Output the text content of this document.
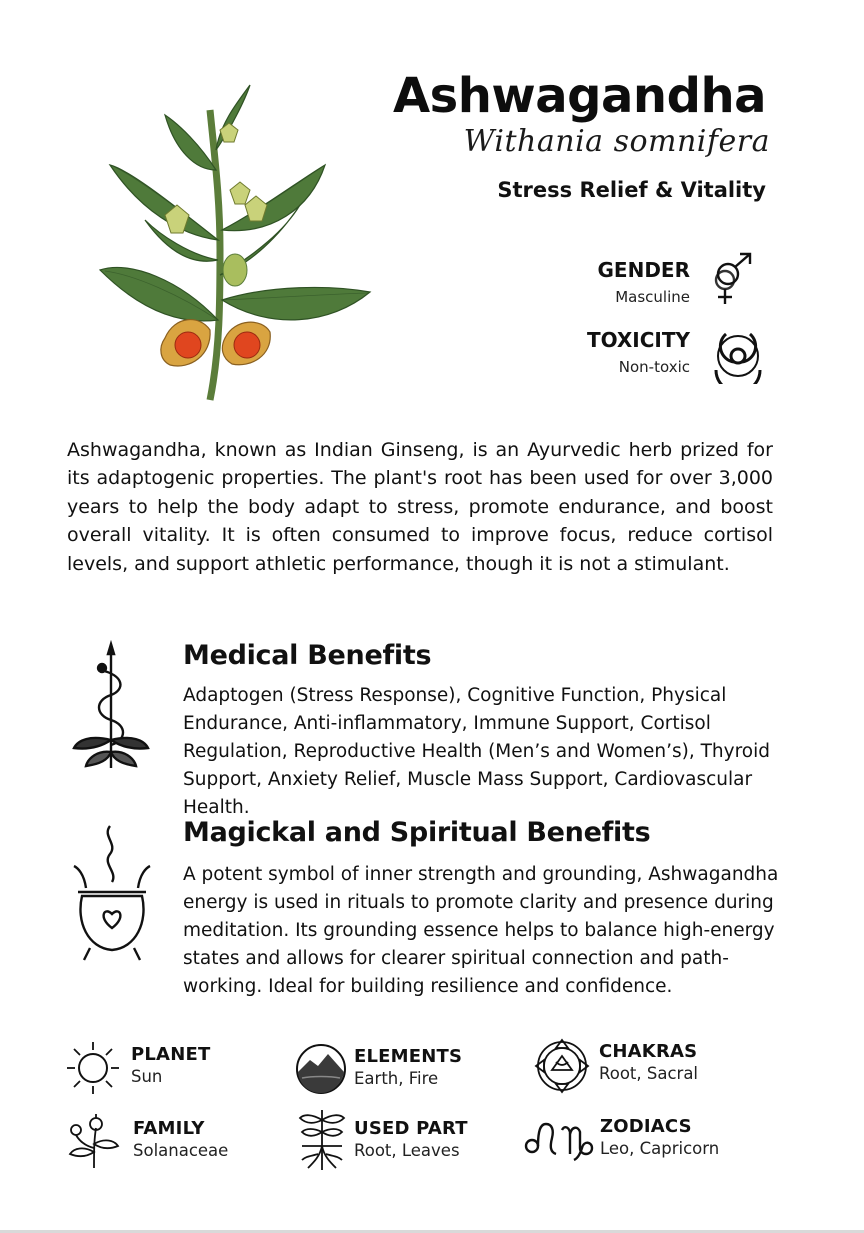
Ashwagandha
Withania somnifera
Stress Relief & Vitality
GENDER
Masculine
TOXICITY
Non-toxic

Ashwagandha, known as Indian Ginseng, is an Ayurvedic herb prized for its adaptogenic properties. The plant's root has been used for over 3,000 years to help the body adapt to stress, promote endurance, and boost overall vitality. It is often consumed to improve focus, reduce cortisol levels, and support athletic performance, though it is not a stimulant.

Medical Benefits

Adaptogen (Stress Response), Cognitive Function, Physical Endurance, Anti-inflammatory, Immune Support, Cortisol Regulation, Reproductive Health (Men’s and Women’s), Thyroid Support, Anxiety Relief, Muscle Mass Support, Cardiovascular Health.

Magickal and Spiritual Benefits

A potent symbol of inner strength and grounding, Ashwagandha energy is used in rituals to promote clarity and presence during meditation. Its grounding essence helps to balance high-energy states and allows for clearer spiritual connection and path-working. Ideal for building resilience and confidence.

PLANET
Sun
ELEMENTS
Earth, Fire
CHAKRAS
Root, Sacral
FAMILY
Solanaceae
USED PART
Root, Leaves
ZODIACS
Leo, Capricorn
